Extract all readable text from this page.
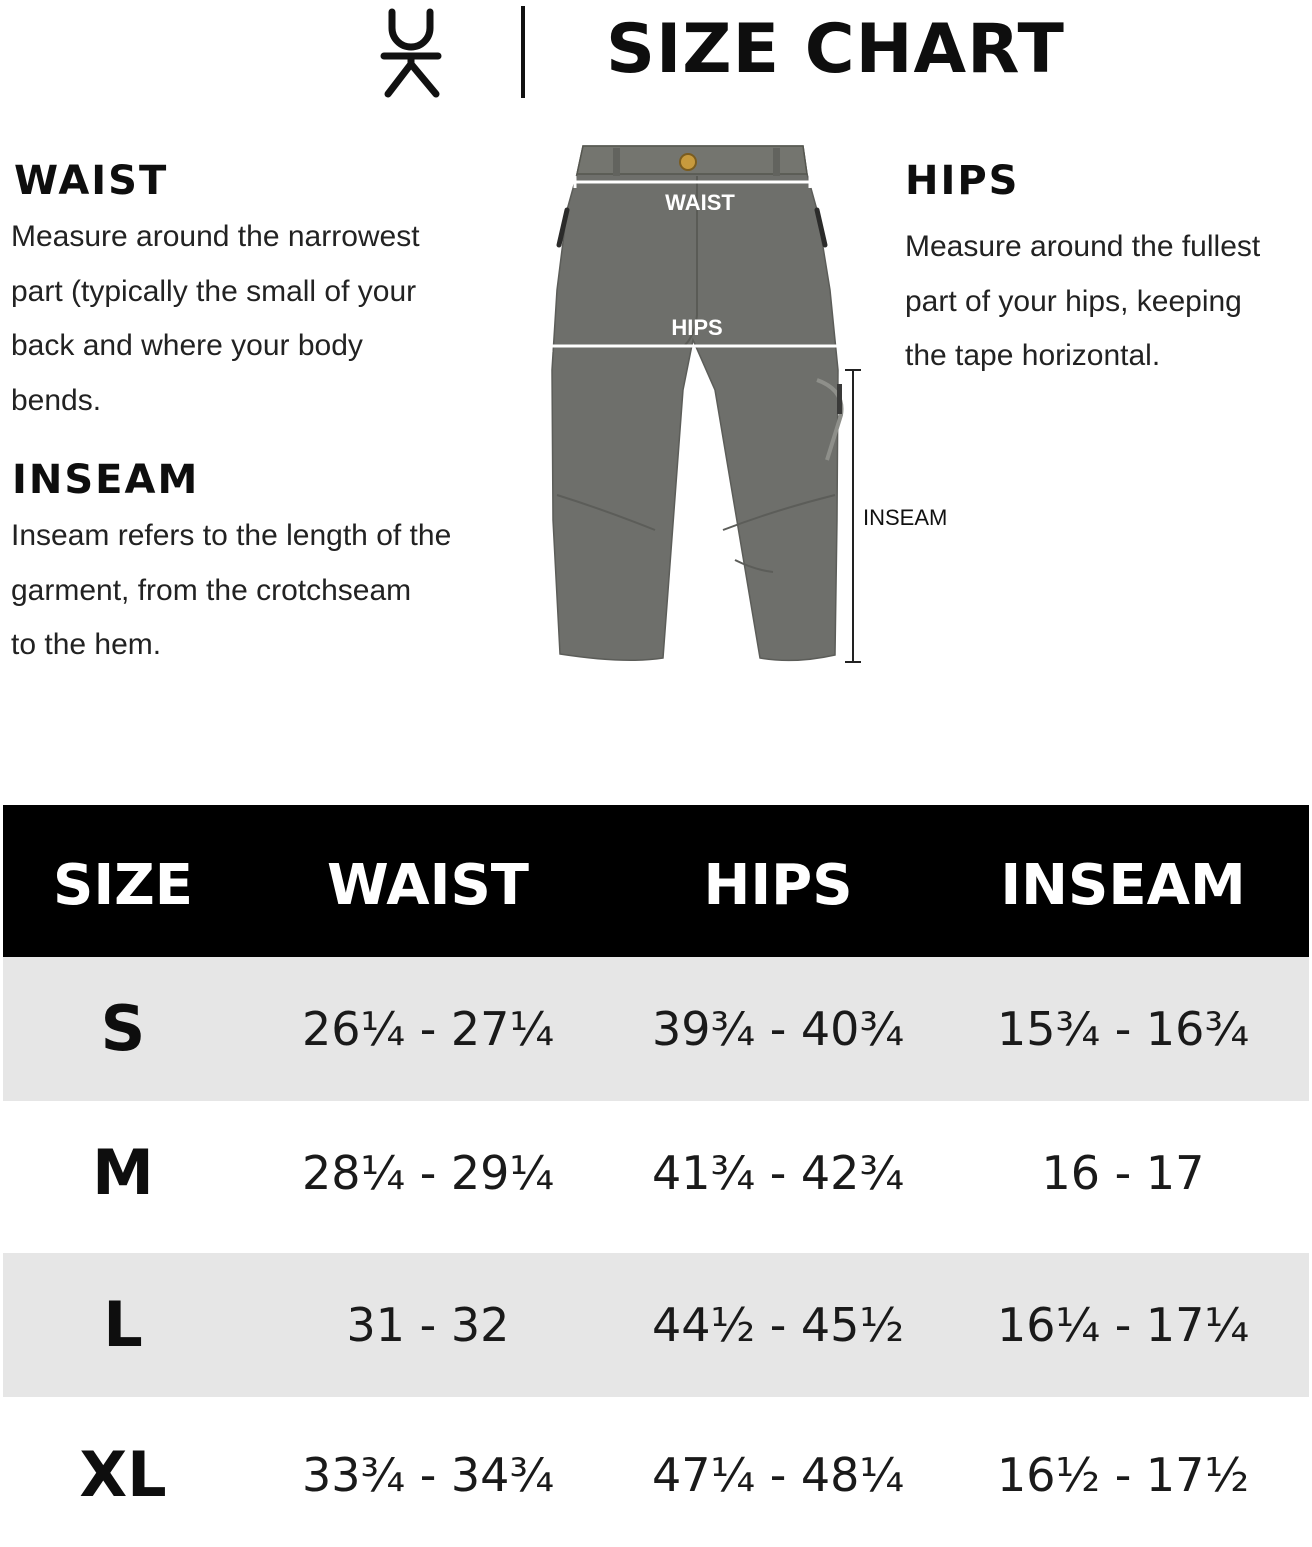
SIZE CHART
WAIST
Measure around the narrowest
part (typically the small of your
back and where your body
bends.
INSEAM
Inseam refers to the length of the
garment, from the crotchseam
to the hem.
HIPS
Measure around the fullest
part of your hips, keeping
the tape horizontal.
WAIST
HIPS
INSEAM
SIZE	WAIST	HIPS	INSEAM
S	26¼ - 27¼	39¾ - 40¾	15¾ - 16¾
M	28¼ - 29¼	41¾ - 42¾	16 - 17
L	31 - 32	44½ - 45½	16¼ - 17¼
XL	33¾ - 34¾	47¼ - 48¼	16½ - 17½
